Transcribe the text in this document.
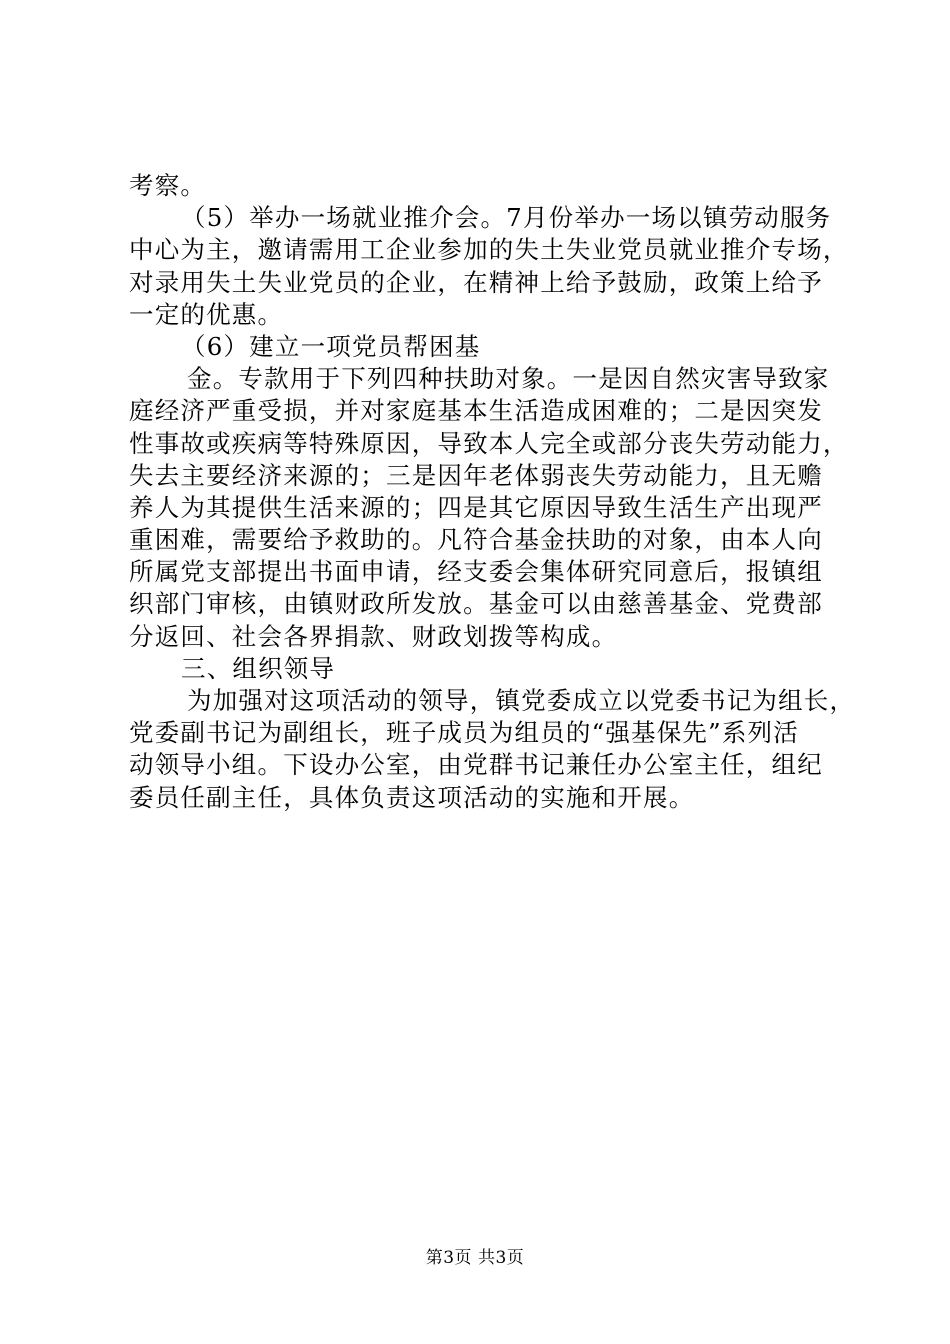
考察。
（5）举办一场就业推介会。7月份举办一场以镇劳动服务
中心为主，邀请需用工企业参加的失土失业党员就业推介专场，
对录用失土失业党员的企业，在精神上给予鼓励，政策上给予
一定的优惠。
（6）建立一项党员帮困基
金。专款用于下列四种扶助对象。一是因自然灾害导致家
庭经济严重受损，并对家庭基本生活造成困难的；二是因突发
性事故或疾病等特殊原因，导致本人完全或部分丧失劳动能力，
失去主要经济来源的；三是因年老体弱丧失劳动能力，且无赡
养人为其提供生活来源的；四是其它原因导致生活生产出现严
重困难，需要给予救助的。凡符合基金扶助的对象，由本人向
所属党支部提出书面申请，经支委会集体研究同意后，报镇组
织部门审核，由镇财政所发放。基金可以由慈善基金、党费部
分返回、社会各界捐款、财政划拨等构成。
三、组织领导
为加强对这项活动的领导，镇党委成立以党委书记为组长，
党委副书记为副组长，班子成员为组员的“强基保先”系列活
动领导小组。下设办公室，由党群书记兼任办公室主任，组纪
委员任副主任，具体负责这项活动的实施和开展。
第3页 共3页
